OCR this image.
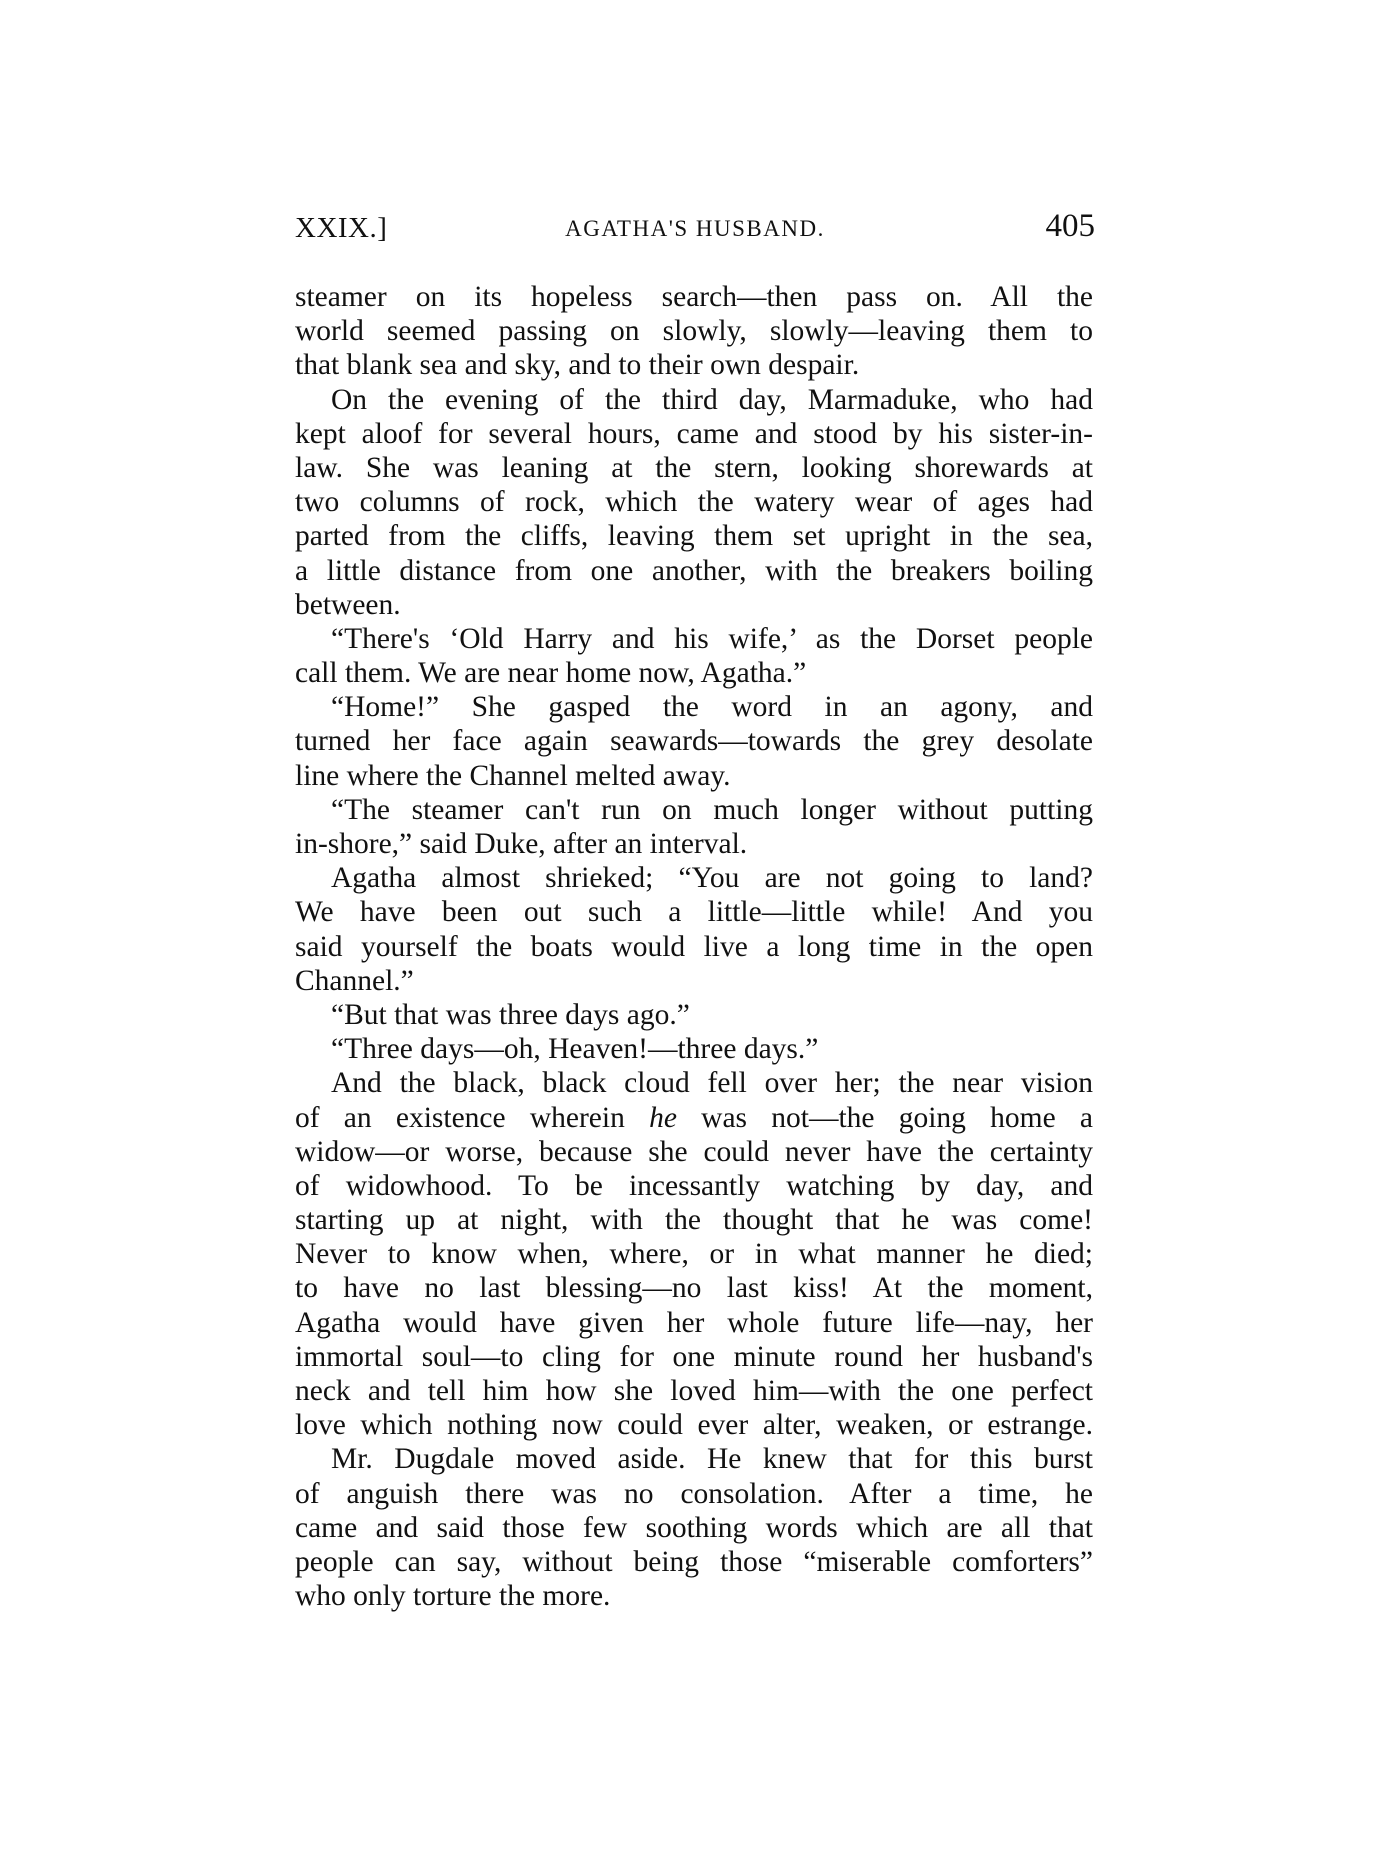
XXIX.]	AGATHA'S HUSBAND.	405
steamer on its hopeless search—then pass on. All the
world seemed passing on slowly, slowly—leaving them to
that blank sea and sky, and to their own despair.
On the evening of the third day, Marmaduke, who had
kept aloof for several hours, came and stood by his sister-in-
law. She was leaning at the stern, looking shorewards at
two columns of rock, which the watery wear of ages had
parted from the cliffs, leaving them set upright in the sea,
a little distance from one another, with the breakers boiling
between.
“There's ‘Old Harry and his wife,’ as the Dorset people
call them. We are near home now, Agatha.”
“Home!” She gasped the word in an agony, and
turned her face again seawards—towards the grey desolate
line where the Channel melted away.
“The steamer can't run on much longer without putting
in-shore,” said Duke, after an interval.
Agatha almost shrieked; “You are not going to land?
We have been out such a little—little while! And you
said yourself the boats would live a long time in the open
Channel.”
“But that was three days ago.”
“Three days—oh, Heaven!—three days.”
And the black, black cloud fell over her; the near vision
of an existence wherein he was not—the going home a
widow—or worse, because she could never have the certainty
of widowhood. To be incessantly watching by day, and
starting up at night, with the thought that he was come!
Never to know when, where, or in what manner he died;
to have no last blessing—no last kiss! At the moment,
Agatha would have given her whole future life—nay, her
immortal soul—to cling for one minute round her husband's
neck and tell him how she loved him—with the one perfect
love which nothing now could ever alter, weaken, or estrange.
Mr. Dugdale moved aside. He knew that for this burst
of anguish there was no consolation. After a time, he
came and said those few soothing words which are all that
people can say, without being those “miserable comforters”
who only torture the more.
